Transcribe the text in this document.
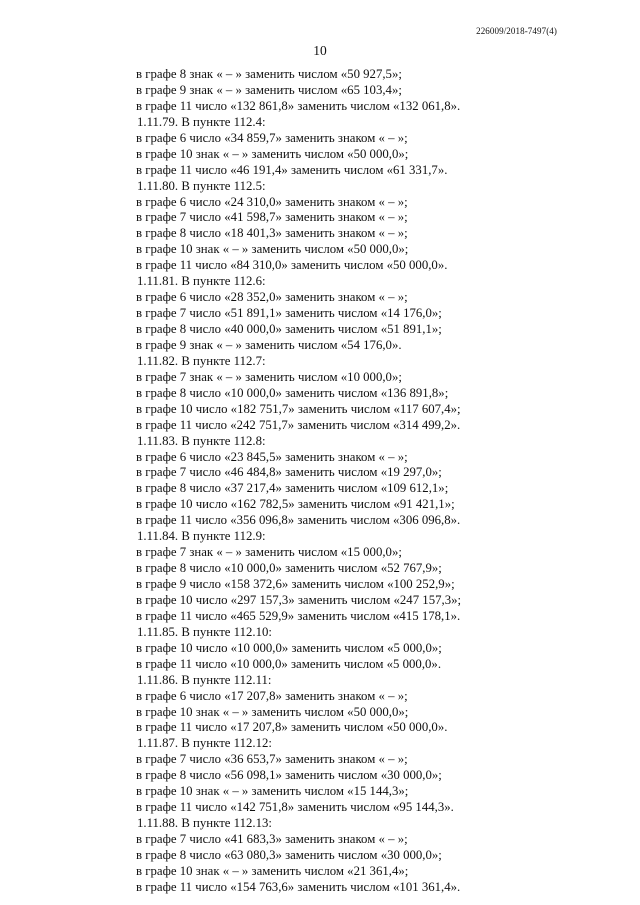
226009/2018-7497(4)
10
в графе 8 знак « – » заменить числом «50 927,5»;
в графе 9 знак « – » заменить числом «65 103,4»;
в графе 11 число «132 861,8» заменить числом «132 061,8».
1.11.79. В пункте 112.4:
в графе 6 число «34 859,7» заменить знаком « – »;
в графе 10 знак « – » заменить числом «50 000,0»;
в графе 11 число «46 191,4» заменить числом «61 331,7».
1.11.80. В пункте 112.5:
в графе 6 число «24 310,0» заменить знаком « – »;
в графе 7 число «41 598,7» заменить знаком « – »;
в графе 8 число «18 401,3» заменить знаком « – »;
в графе 10 знак « – » заменить числом «50 000,0»;
в графе 11 число «84 310,0» заменить числом «50 000,0».
1.11.81. В пункте 112.6:
в графе 6 число «28 352,0» заменить знаком « – »;
в графе 7 число «51 891,1» заменить числом «14 176,0»;
в графе 8 число «40 000,0» заменить числом «51 891,1»;
в графе 9 знак « – » заменить числом «54 176,0».
1.11.82. В пункте 112.7:
в графе 7 знак « – » заменить числом «10 000,0»;
в графе 8 число «10 000,0» заменить числом «136 891,8»;
в графе 10 число «182 751,7» заменить числом «117 607,4»;
в графе 11 число «242 751,7» заменить числом «314 499,2».
1.11.83. В пункте 112.8:
в графе 6 число «23 845,5» заменить знаком « – »;
в графе 7 число «46 484,8» заменить числом «19 297,0»;
в графе 8 число «37 217,4» заменить числом «109 612,1»;
в графе 10 число «162 782,5» заменить числом «91 421,1»;
в графе 11 число «356 096,8» заменить числом «306 096,8».
1.11.84. В пункте 112.9:
в графе 7 знак « – » заменить числом «15 000,0»;
в графе 8 число «10 000,0» заменить числом «52 767,9»;
в графе 9 число «158 372,6» заменить числом «100 252,9»;
в графе 10 число «297 157,3» заменить числом «247 157,3»;
в графе 11 число «465 529,9» заменить числом «415 178,1».
1.11.85. В пункте 112.10:
в графе 10 число «10 000,0» заменить числом «5 000,0»;
в графе 11 число «10 000,0» заменить числом «5 000,0».
1.11.86. В пункте 112.11:
в графе 6 число «17 207,8» заменить знаком « – »;
в графе 10 знак « – » заменить числом «50 000,0»;
в графе 11 число «17 207,8» заменить числом «50 000,0».
1.11.87. В пункте 112.12:
в графе 7 число «36 653,7» заменить знаком « – »;
в графе 8 число «56 098,1» заменить числом «30 000,0»;
в графе 10 знак « – » заменить числом «15 144,3»;
в графе 11 число «142 751,8» заменить числом «95 144,3».
1.11.88. В пункте 112.13:
в графе 7 число «41 683,3» заменить знаком « – »;
в графе 8 число «63 080,3» заменить числом «30 000,0»;
в графе 10 знак « – » заменить числом «21 361,4»;
в графе 11 число «154 763,6» заменить числом «101 361,4».
